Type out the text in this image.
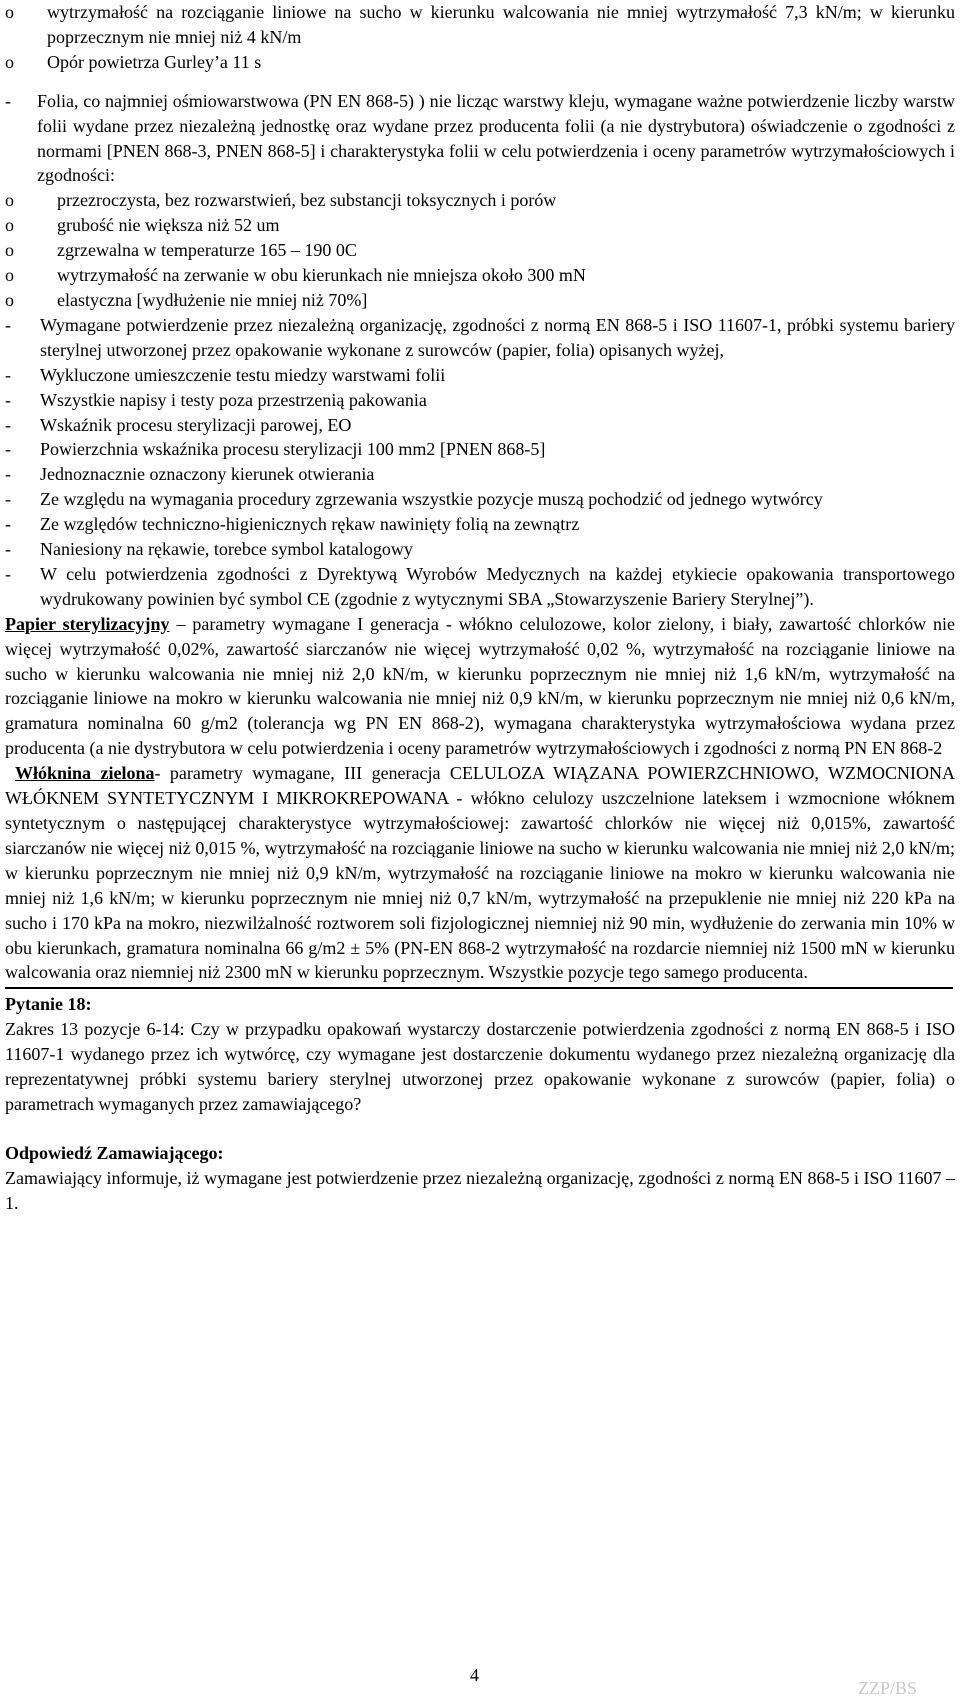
o	wytrzymałość na rozciąganie liniowe na sucho w kierunku walcowania nie mniej wytrzymałość 7,3 kN/m; w kierunku poprzecznym nie mniej niż 4 kN/m
o	Opór powietrza Gurley’a 11 s
-	Folia, co najmniej ośmiowarstwowa (PN EN 868-5) ) nie licząc warstwy kleju, wymagane ważne potwierdzenie liczby warstw folii wydane przez niezależną jednostkę oraz wydane przez producenta folii (a nie dystrybutora) oświadczenie o zgodności z normami [PNEN 868-3, PNEN 868-5] i charakterystyka folii w celu potwierdzenia i oceny parametrów wytrzymałościowych i zgodności:
o	przezroczysta, bez rozwarstwień, bez substancji toksycznych i porów
o	grubość nie większa niż 52 um
o	zgrzewalna w temperaturze 165 – 190 0C
o	wytrzymałość na zerwanie w obu kierunkach nie mniejsza około 300 mN
o	elastyczna [wydłużenie nie mniej niż 70%]
-	Wymagane potwierdzenie przez niezależną organizację, zgodności z normą EN 868-5 i ISO 11607-1, próbki systemu bariery sterylnej utworzonej przez opakowanie wykonane z surowców (papier, folia) opisanych wyżej,
-	Wykluczone umieszczenie testu miedzy warstwami folii
-	Wszystkie napisy i testy poza przestrzenią pakowania
-	Wskaźnik procesu sterylizacji parowej, EO
-	Powierzchnia wskaźnika procesu sterylizacji 100 mm2 [PNEN 868-5]
-	Jednoznacznie oznaczony kierunek otwierania
-	Ze względu na wymagania procedury zgrzewania wszystkie pozycje muszą pochodzić od jednego wytwórcy
-	Ze względów techniczno-higienicznych rękaw nawinięty folią na zewnątrz
-	Naniesiony na rękawie, torebce symbol katalogowy
-	W celu potwierdzenia zgodności z Dyrektywą Wyrobów Medycznych na każdej etykiecie opakowania transportowego wydrukowany powinien być symbol CE (zgodnie z wytycznymi SBA „Stowarzyszenie Bariery Sterylnej”).

Papier sterylizacyjny – parametry wymagane I generacja - włókno celulozowe, kolor zielony, i biały, zawartość chlorków nie więcej wytrzymałość 0,02%, zawartość siarczanów nie więcej wytrzymałość 0,02 %, wytrzymałość na rozciąganie liniowe na sucho w kierunku walcowania nie mniej niż 2,0 kN/m, w kierunku poprzecznym nie mniej niż 1,6 kN/m, wytrzymałość na rozciąganie liniowe na mokro w kierunku walcowania nie mniej niż 0,9 kN/m, w kierunku poprzecznym nie mniej niż 0,6 kN/m, gramatura nominalna 60 g/m2 (tolerancja wg PN EN 868-2), wymagana charakterystyka wytrzymałościowa wydana przez producenta (a nie dystrybutora w celu potwierdzenia i oceny parametrów wytrzymałościowych i zgodności z normą PN EN 868-2

Włóknina zielona- parametry wymagane, III generacja CELULOZA WIĄZANA POWIERZCHNIOWO, WZMOCNIONA WŁÓKNEM SYNTETYCZNYM I MIKROKREPOWANA - włókno celulozy uszczelnione lateksem i wzmocnione włóknem syntetycznym o następującej charakterystyce wytrzymałościowej: zawartość chlorków nie więcej niż 0,015%, zawartość siarczanów nie więcej niż 0,015 %, wytrzymałość na rozciąganie liniowe na sucho w kierunku walcowania nie mniej niż 2,0 kN/m; w kierunku poprzecznym nie mniej niż 0,9 kN/m, wytrzymałość na rozciąganie liniowe na mokro w kierunku walcowania nie mniej niż 1,6 kN/m; w kierunku poprzecznym nie mniej niż 0,7 kN/m, wytrzymałość na przepuklenie nie mniej niż 220 kPa na sucho i 170 kPa na mokro, niezwilżalność roztworem soli fizjologicznej niemniej niż 90 min, wydłużenie do zerwania min 10% w obu kierunkach, gramatura nominalna 66 g/m2 ± 5% (PN-EN 868-2 wytrzymałość na rozdarcie niemniej niż 1500 mN w kierunku walcowania oraz niemniej niż 2300 mN w kierunku poprzecznym. Wszystkie pozycje tego samego producenta.

Pytanie 18:

Zakres 13 pozycje 6-14: Czy w przypadku opakowań wystarczy dostarczenie potwierdzenia zgodności z normą EN 868-5 i ISO 11607-1 wydanego przez ich wytwórcę, czy wymagane jest dostarczenie dokumentu wydanego przez niezależną organizację dla reprezentatywnej próbki systemu bariery sterylnej utworzonej przez opakowanie wykonane z surowców (papier, folia) o parametrach wymaganych przez zamawiającego?

Odpowiedź Zamawiającego:

Zamawiający informuje, iż wymagane jest potwierdzenie przez niezależną organizację, zgodności z normą EN 868-5 i ISO 11607 – 1.

4
ZZP/BS
